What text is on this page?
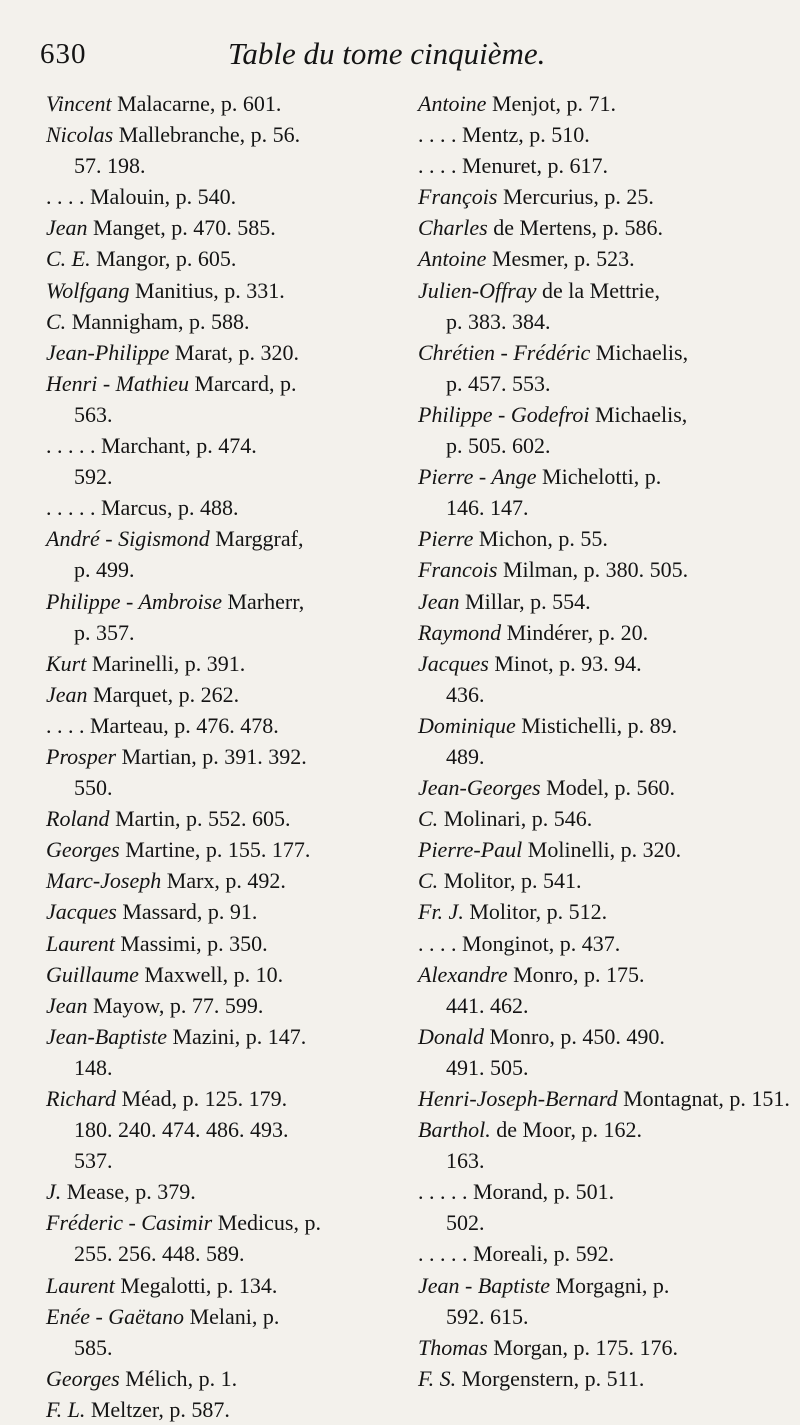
630	Table du tome cinquième.
Vincent Malacarne, p. 601.
Nicolas Mallebranche, p. 56.
57. 198.
. . . . Malouin, p. 540.
Jean Manget, p. 470. 585.
C. E. Mangor, p. 605.
Wolfgang Manitius, p. 331.
C. Mannigham, p. 588.
Jean-Philippe Marat, p. 320.
Henri - Mathieu Marcard, p.
563.
. . . . . Marchant, p. 474.
592.
. . . . . Marcus, p. 488.
André - Sigismond Marggraf,
p. 499.
Philippe - Ambroise Marherr,
p. 357.
Kurt Marinelli, p. 391.
Jean Marquet, p. 262.
. . . . Marteau, p. 476. 478.
Prosper Martian, p. 391. 392.
550.
Roland Martin, p. 552. 605.
Georges Martine, p. 155. 177.
Marc-Joseph Marx, p. 492.
Jacques Massard, p. 91.
Laurent Massimi, p. 350.
Guillaume Maxwell, p. 10.
Jean Mayow, p. 77. 599.
Jean-Baptiste Mazini, p. 147.
148.
Richard Méad, p. 125. 179.
180. 240. 474. 486. 493.
537.
J. Mease, p. 379.
Fréderic - Casimir Medicus, p.
255. 256. 448. 589.
Laurent Megalotti, p. 134.
Enée - Gaëtano Melani, p.
585.
Georges Mélich, p. 1.
F. L. Meltzer, p. 587.
Antoine Menjot, p. 71.
. . . . Mentz, p. 510.
. . . . Menuret, p. 617.
François Mercurius, p. 25.
Charles de Mertens, p. 586.
Antoine Mesmer, p. 523.
Julien-Offray de la Mettrie,
p. 383. 384.
Chrétien - Frédéric Michaelis,
p. 457. 553.
Philippe - Godefroi Michaelis,
p. 505. 602.
Pierre - Ange Michelotti, p.
146. 147.
Pierre Michon, p. 55.
Francois Milman, p. 380. 505.
Jean Millar, p. 554.
Raymond Mindérer, p. 20.
Jacques Minot, p. 93. 94.
436.
Dominique Mistichelli, p. 89.
489.
Jean-Georges Model, p. 560.
C. Molinari, p. 546.
Pierre-Paul Molinelli, p. 320.
C. Molitor, p. 541.
Fr. J. Molitor, p. 512.
. . . . Monginot, p. 437.
Alexandre Monro, p. 175.
441. 462.
Donald Monro, p. 450. 490.
491. 505.
Henri-Joseph-Bernard Montagnat, p. 151.
Barthol. de Moor, p. 162.
163.
. . . . . Morand, p. 501.
502.
. . . . . Moreali, p. 592.
Jean - Baptiste Morgagni, p.
592. 615.
Thomas Morgan, p. 175. 176.
F. S. Morgenstern, p. 511.
